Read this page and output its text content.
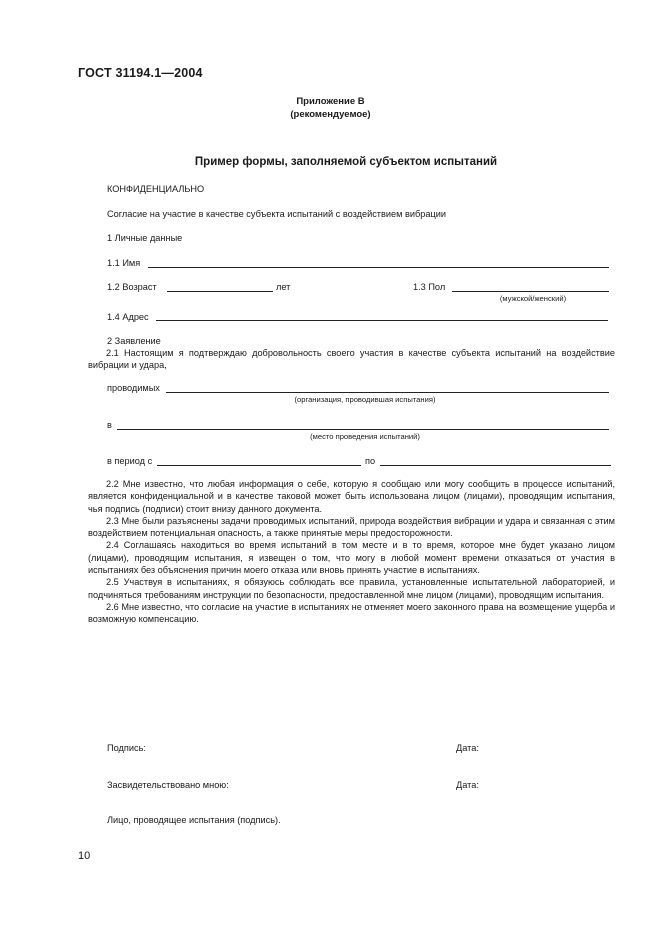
ГОСТ 31194.1—2004
Приложение В
(рекомендуемое)
Пример формы, заполняемой субъектом испытаний
КОНФИДЕНЦИАЛЬНО
Согласие на участие в качестве субъекта испытаний с воздействием вибрации
1 Личные данные
1.1 Имя
1.2 Возраст	лет	1.3 Пол
(мужской/женский)
1.4 Адрес
2 Заявление

2.1 Настоящим я подтверждаю добровольность своего участия в качестве субъекта испытаний на воздействие вибрации и удара,

проводимых
(организация, проводившая испытания)
в
(место проведения испытаний)
в период с	по

2.2 Мне известно, что любая информация о себе, которую я сообщаю или могу сообщить в процессе испытаний, является конфиденциальной и в качестве таковой может быть использована лицом (лицами), проводящим испытания, чья подпись (подписи) стоит внизу данного документа.

2.3 Мне были разъяснены задачи проводимых испытаний, природа воздействия вибрации и удара и связанная с этим воздействием потенциальная опасность, а также принятые меры предосторожности.

2.4 Соглашаясь находиться во время испытаний в том месте и в то время, которое мне будет указано лицом (лицами), проводящим испытания, я извещен о том, что могу в любой момент времени отказаться от участия в испытаниях без объяснения причин моего отказа или вновь принять участие в испытаниях.

2.5 Участвуя в испытаниях, я обязуюсь соблюдать все правила, установленные испытательной лабораторией, и подчиняться требованиям инструкции по безопасности, предоставленной мне лицом (лицами), проводящим испытания.

2.6 Мне известно, что согласие на участие в испытаниях не отменяет моего законного права на возмещение ущерба и возможную компенсацию.

Подпись:	Дата:
Засвидетельствовано мною:	Дата:
Лицо, проводящее испытания (подпись).
10
